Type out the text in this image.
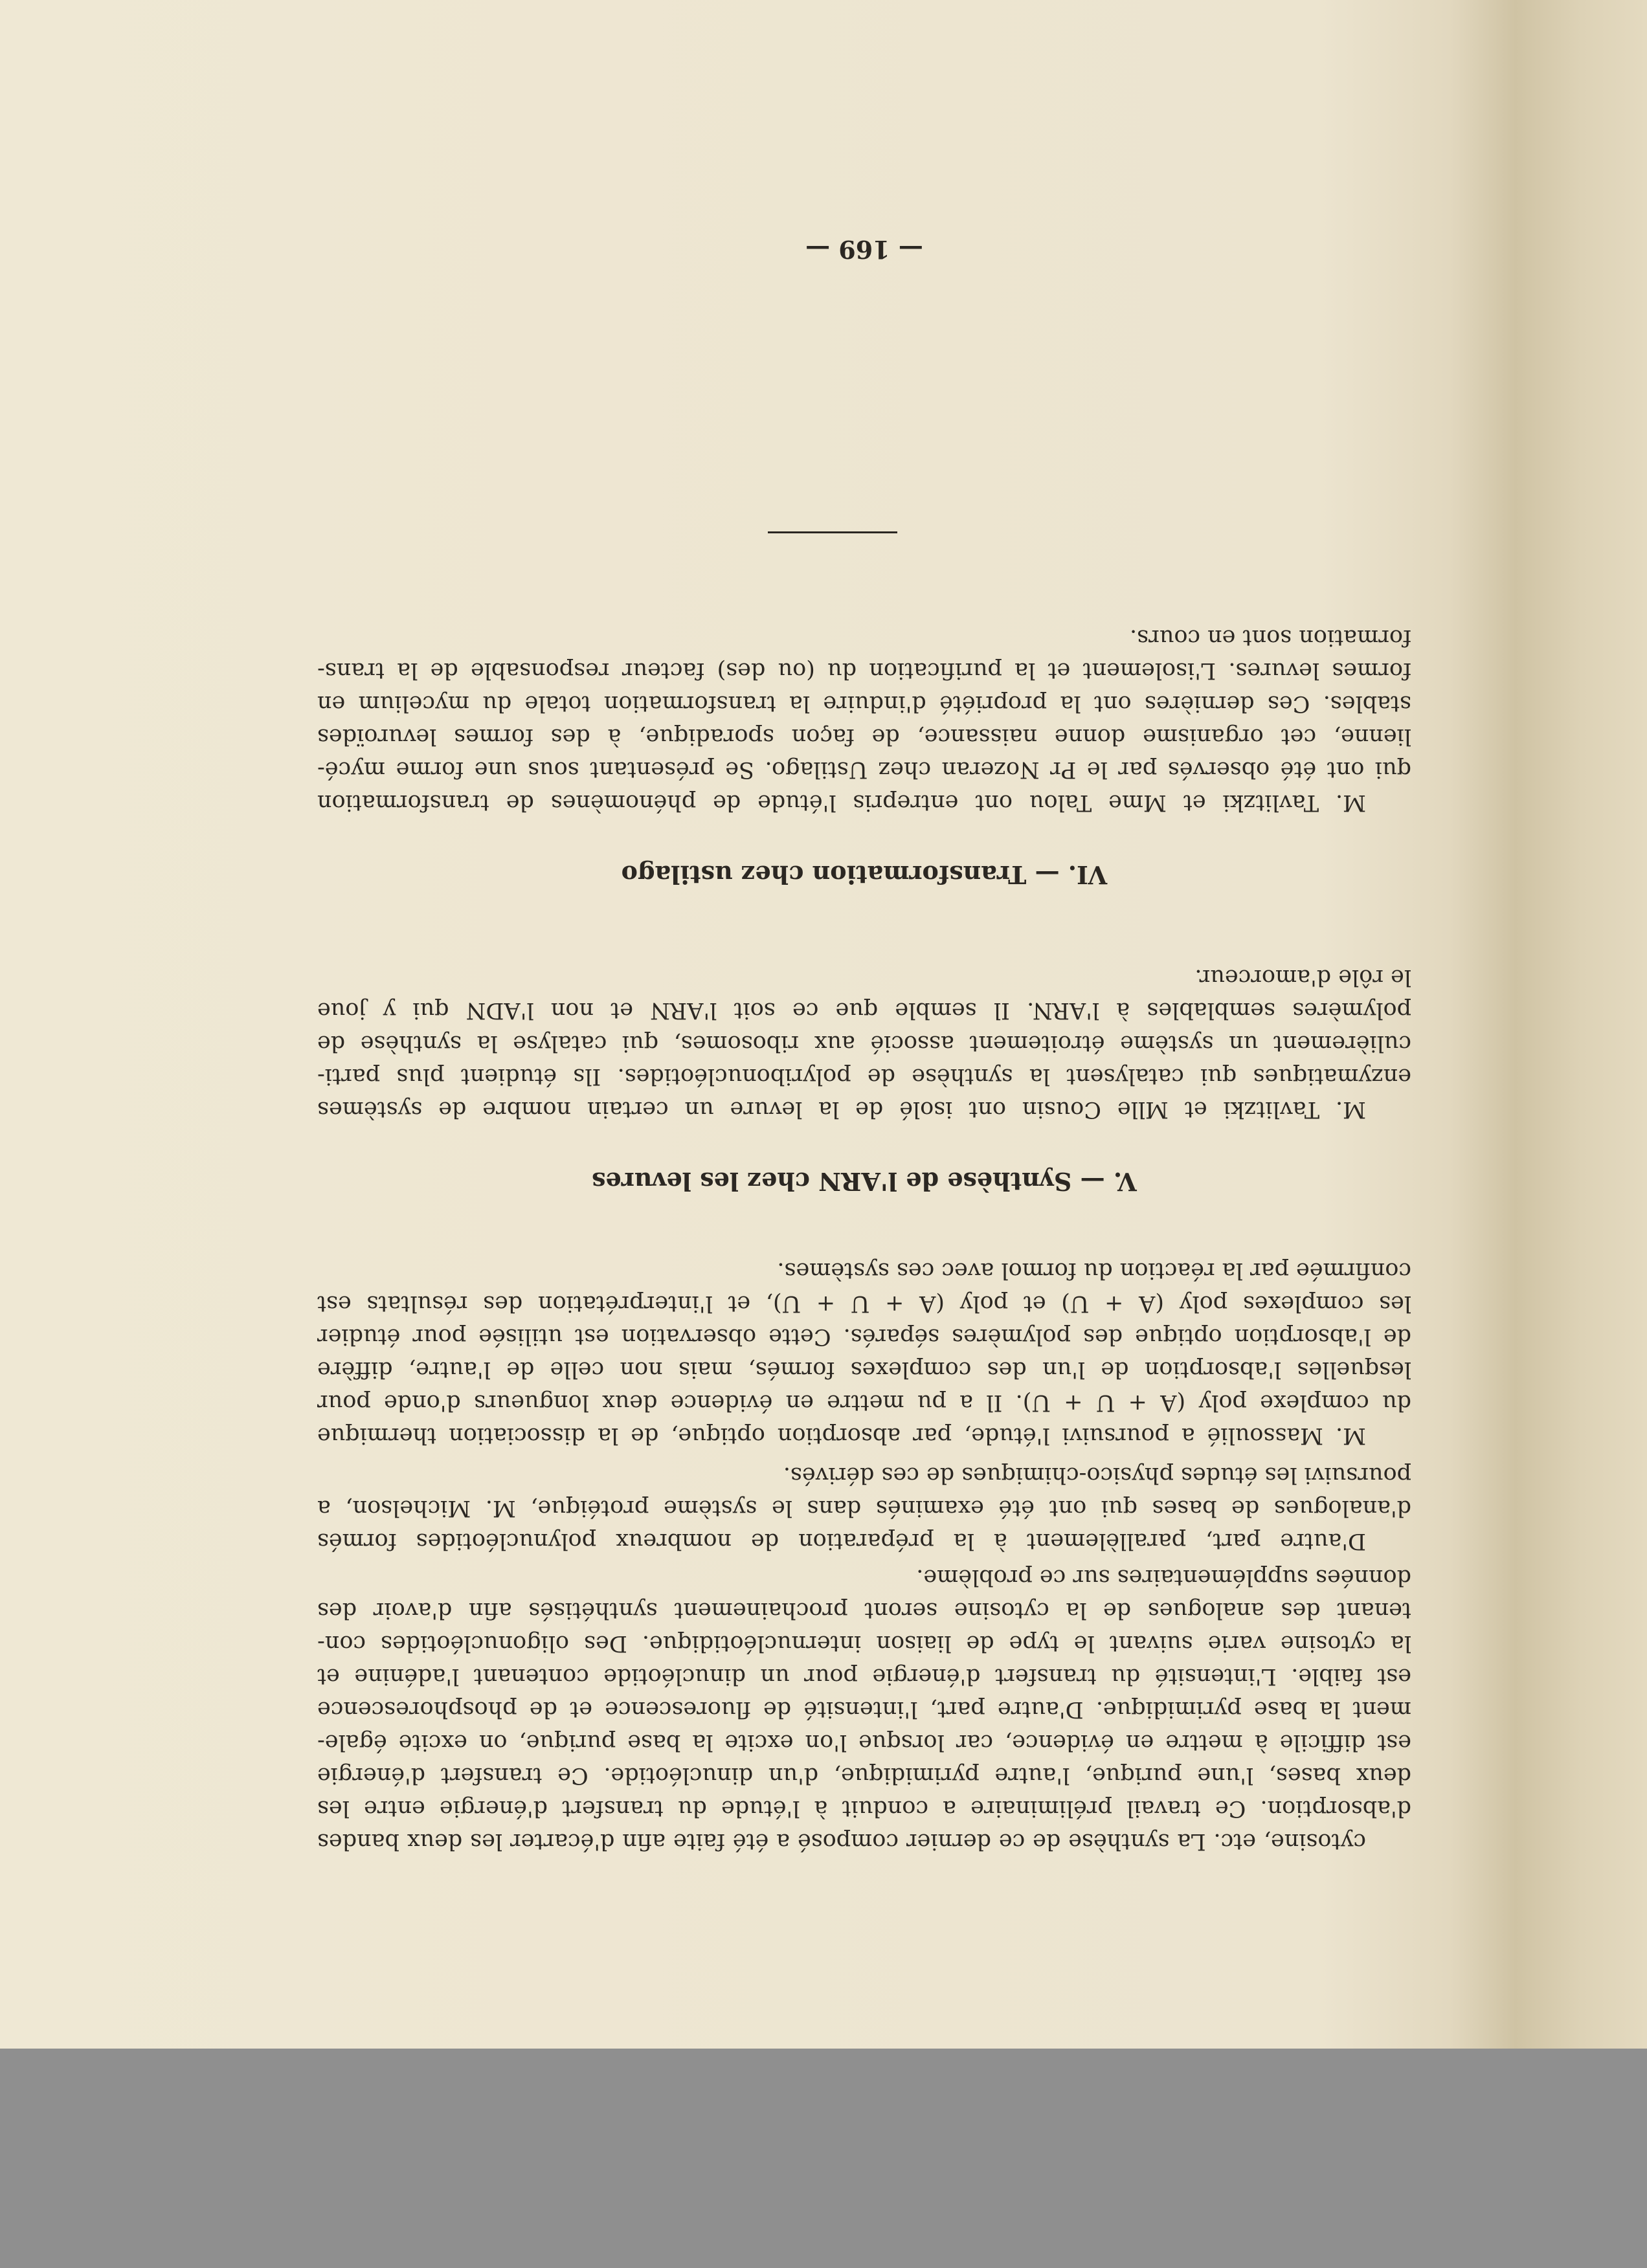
cytosine, etc. La synthèse de ce dernier composé a été faite afin d'écarter les deux bandes
d'absorption. Ce travail préliminaire a conduit à l'étude du transfert d'énergie entre les
deux bases, l'une purique, l'autre pyrimidique, d'un dinucléotide. Ce transfert d'énergie
est difficile à mettre en évidence, car lorsque l'on excite la base purique, on excite égale-
ment la base pyrimidique. D'autre part, l'intensité de fluorescence et de phosphorescence
est faible. L'intensité du transfert d'énergie pour un dinucléotide contenant l'adénine et
la cytosine varie suivant le type de liaison internucléotidique. Des oligonucléotides con-
tenant des analogues de la cytosine seront prochainement synthétisés afin d'avoir des
données supplémentaires sur ce problème.
D'autre part, parallèlement à la préparation de nombreux polynucléotides formés
d'analogues de bases qui ont été examinés dans le système protéique, M. Michelson, a
poursuivi les études physico-chimiques de ces dérivés.
M. Massoulié a poursuivi l'étude, par absorption optique, de la dissociation thermique
du complexe poly (A + U + U). Il a pu mettre en évidence deux longueurs d'onde pour
lesquelles l'absorption de l'un des complexes formés, mais non celle de l'autre, diffère
de l'absorption optique des polymères séparés. Cette observation est utilisée pour étudier
les complexes poly (A + U) et poly (A + U + U), et l'interprétation des résultats est
confirmée par la réaction du formol avec ces systèmes.
V. — Synthèse de l'ARN chez les levures
M. Tavlitzki et Mlle Cousin ont isolé de la levure un certain nombre de systèmes
enzymatiques qui catalysent la synthèse de polyribonucléotides. Ils étudient plus parti-
culièrement un système étroitement associé aux ribosomes, qui catalyse la synthèse de
polymères semblables à l'ARN. Il semble que ce soit l'ARN et non l'ADN qui y joue
le rôle d'amorceur.
VI. — Transformation chez ustilago
M. Tavlitzki et Mme Talou ont entrepris l'étude de phénomènes de transformation
qui ont été observés par le Pr Nozeran chez Ustilago. Se présentant sous une forme mycé-
lienne, cet organisme donne naissance, de façon sporadique, à des formes levuroïdes
stables. Ces dernières ont la propriété d'induire la transformation totale du mycelium en
formes levures. L'isolement et la purification du (ou des) facteur responsable de la trans-
formation sont en cours.
— 169 —
